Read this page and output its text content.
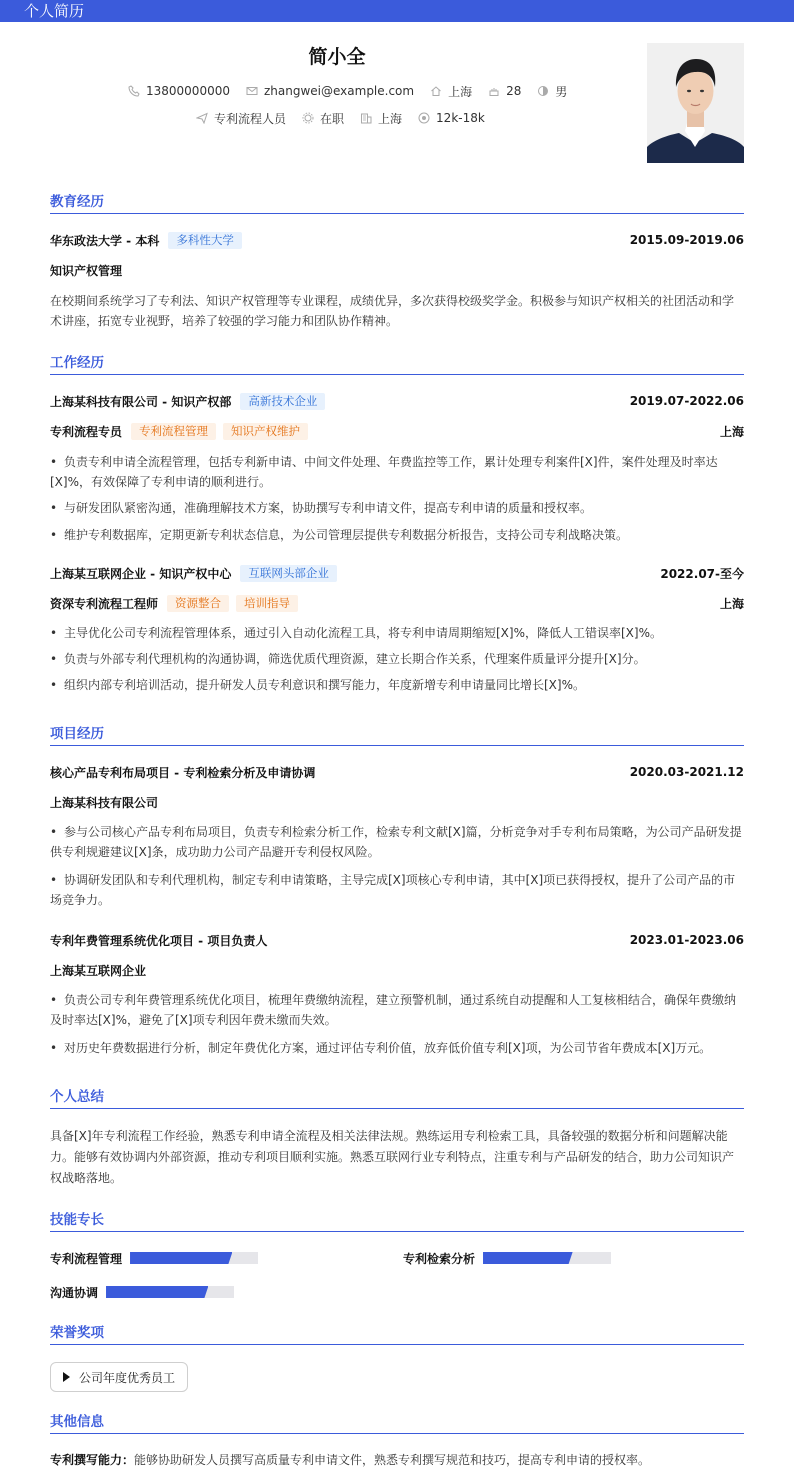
个人简历
简小全
13800000000	zhangwei@example.com	上海	28	男
专利流程人员	在职	上海	12k-18k
教育经历
华东政法大学 - 本科	多科性大学	2015.09-2019.06
知识产权管理
在校期间系统学习了专利法、知识产权管理等专业课程，成绩优异，多次获得校级奖学金。积极参与知识产权相关的社团活动和学术讲座，拓宽专业视野，培养了较强的学习能力和团队协作精神。
工作经历
上海某科技有限公司 - 知识产权部	高新技术企业	2019.07-2022.06
专利流程专员	专利流程管理	知识产权维护	上海
• 负责专利申请全流程管理，包括专利新申请、中间文件处理、年费监控等工作，累计处理专利案件[X]件，案件处理及时率达[X]%，有效保障了专利申请的顺利进行。
• 与研发团队紧密沟通，准确理解技术方案，协助撰写专利申请文件，提高专利申请的质量和授权率。
• 维护专利数据库，定期更新专利状态信息，为公司管理层提供专利数据分析报告，支持公司专利战略决策。
上海某互联网企业 - 知识产权中心	互联网头部企业	2022.07-至今
资深专利流程工程师	资源整合	培训指导	上海
• 主导优化公司专利流程管理体系，通过引入自动化流程工具，将专利申请周期缩短[X]%，降低人工错误率[X]%。
• 负责与外部专利代理机构的沟通协调，筛选优质代理资源，建立长期合作关系，代理案件质量评分提升[X]分。
• 组织内部专利培训活动，提升研发人员专利意识和撰写能力，年度新增专利申请量同比增长[X]%。
项目经历
核心产品专利布局项目 - 专利检索分析及申请协调	2020.03-2021.12
上海某科技有限公司
• 参与公司核心产品专利布局项目，负责专利检索分析工作，检索专利文献[X]篇，分析竞争对手专利布局策略，为公司产品研发提供专利规避建议[X]条，成功助力公司产品避开专利侵权风险。
• 协调研发团队和专利代理机构，制定专利申请策略，主导完成[X]项核心专利申请，其中[X]项已获得授权，提升了公司产品的市场竞争力。
专利年费管理系统优化项目 - 项目负责人	2023.01-2023.06
上海某互联网企业
• 负责公司专利年费管理系统优化项目，梳理年费缴纳流程，建立预警机制，通过系统自动提醒和人工复核相结合，确保年费缴纳及时率达[X]%，避免了[X]项专利因年费未缴而失效。
• 对历史年费数据进行分析，制定年费优化方案，通过评估专利价值，放弃低价值专利[X]项，为公司节省年费成本[X]万元。
个人总结
具备[X]年专利流程工作经验，熟悉专利申请全流程及相关法律法规。熟练运用专利检索工具，具备较强的数据分析和问题解决能力。能够有效协调内外部资源，推动专利项目顺利实施。熟悉互联网行业专利特点，注重专利与产品研发的结合，助力公司知识产权战略落地。
技能专长
专利流程管理	专利检索分析
沟通协调
荣誉奖项
公司年度优秀员工
其他信息
专利撰写能力：能够协助研发人员撰写高质量专利申请文件，熟悉专利撰写规范和技巧，提高专利申请的授权率。
